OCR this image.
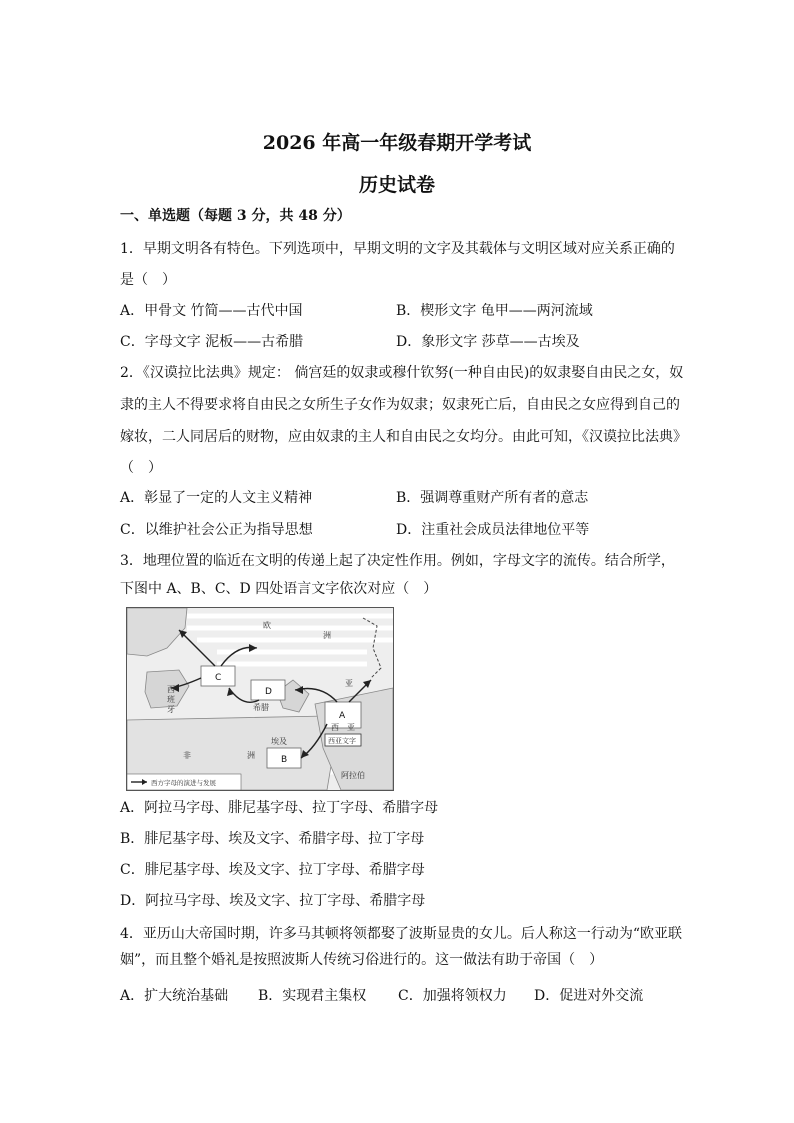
2026 年高一年级春期开学考试
历史试卷
一、单选题（每题 3 分，共 48 分）
1．早期文明各有特色。下列选项中，早期文明的文字及其载体与文明区域对应关系正确的
是（　）
A．甲骨文 竹简——古代中国	B．楔形文字 龟甲——两河流域
C．字母文字 泥板——古希腊	D．象形文字 莎草——古埃及
2．《汉谟拉比法典》规定： 倘宫廷的奴隶或穆什钦努(一种自由民)的奴隶娶自由民之女，奴
隶的主人不得要求将自由民之女所生子女作为奴隶；奴隶死亡后，自由民之女应得到自己的
嫁妆，二人同居后的财物，应由奴隶的主人和自由民之女均分。由此可知，《汉谟拉比法典》
（　）
A．彰显了一定的人文主义精神	B．强调尊重财产所有者的意志
C．以维护社会公正为指导思想	D．注重社会成员法律地位平等
3．地理位置的临近在文明的传递上起了决定性作用。例如，字母文字的流传。结合所学，
下图中 A、B、C、D 四处语言文字依次对应（　）
欧
洲
西
班
牙	希腊
亚
西　亚
埃及
非	洲
阿拉伯
西亚文字
西方字母的演进与发展
C
D
A
B
A．阿拉马字母、腓尼基字母、拉丁字母、希腊字母
B．腓尼基字母、埃及文字、希腊字母、拉丁字母
C．腓尼基字母、埃及文字、拉丁字母、希腊字母
D．阿拉马字母、埃及文字、拉丁字母、希腊字母
4．亚历山大帝国时期，许多马其顿将领都娶了波斯显贵的女儿。后人称这一行动为“欧亚联
姻”，而且整个婚礼是按照波斯人传统习俗进行的。这一做法有助于帝国（　）
A．扩大统治基础 B．实现君主集权 C．加强将领权力 D．促进对外交流
